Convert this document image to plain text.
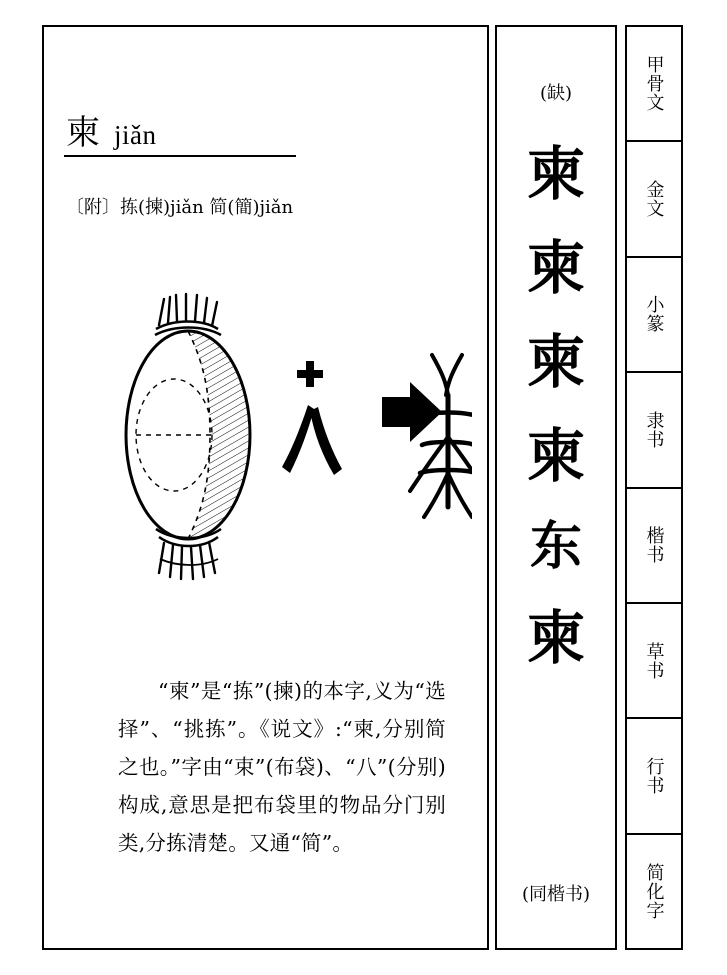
柬 jiǎn
〔附〕拣(揀)jiǎn 简(簡)jiǎn
“柬”是“拣”(揀)的本字,义为“选择”、“挑拣”。《说文》:“柬,分别简之也。”字由“束”(布袋)、“八”(分别)构成,意思是把布袋里的物品分门别类,分拣清楚。又通“简”。
(缺)
柬
柬
柬
柬
东
柬
(同楷书)
甲骨文
金文
小篆
隶书
楷书
草书
行书
简化字
